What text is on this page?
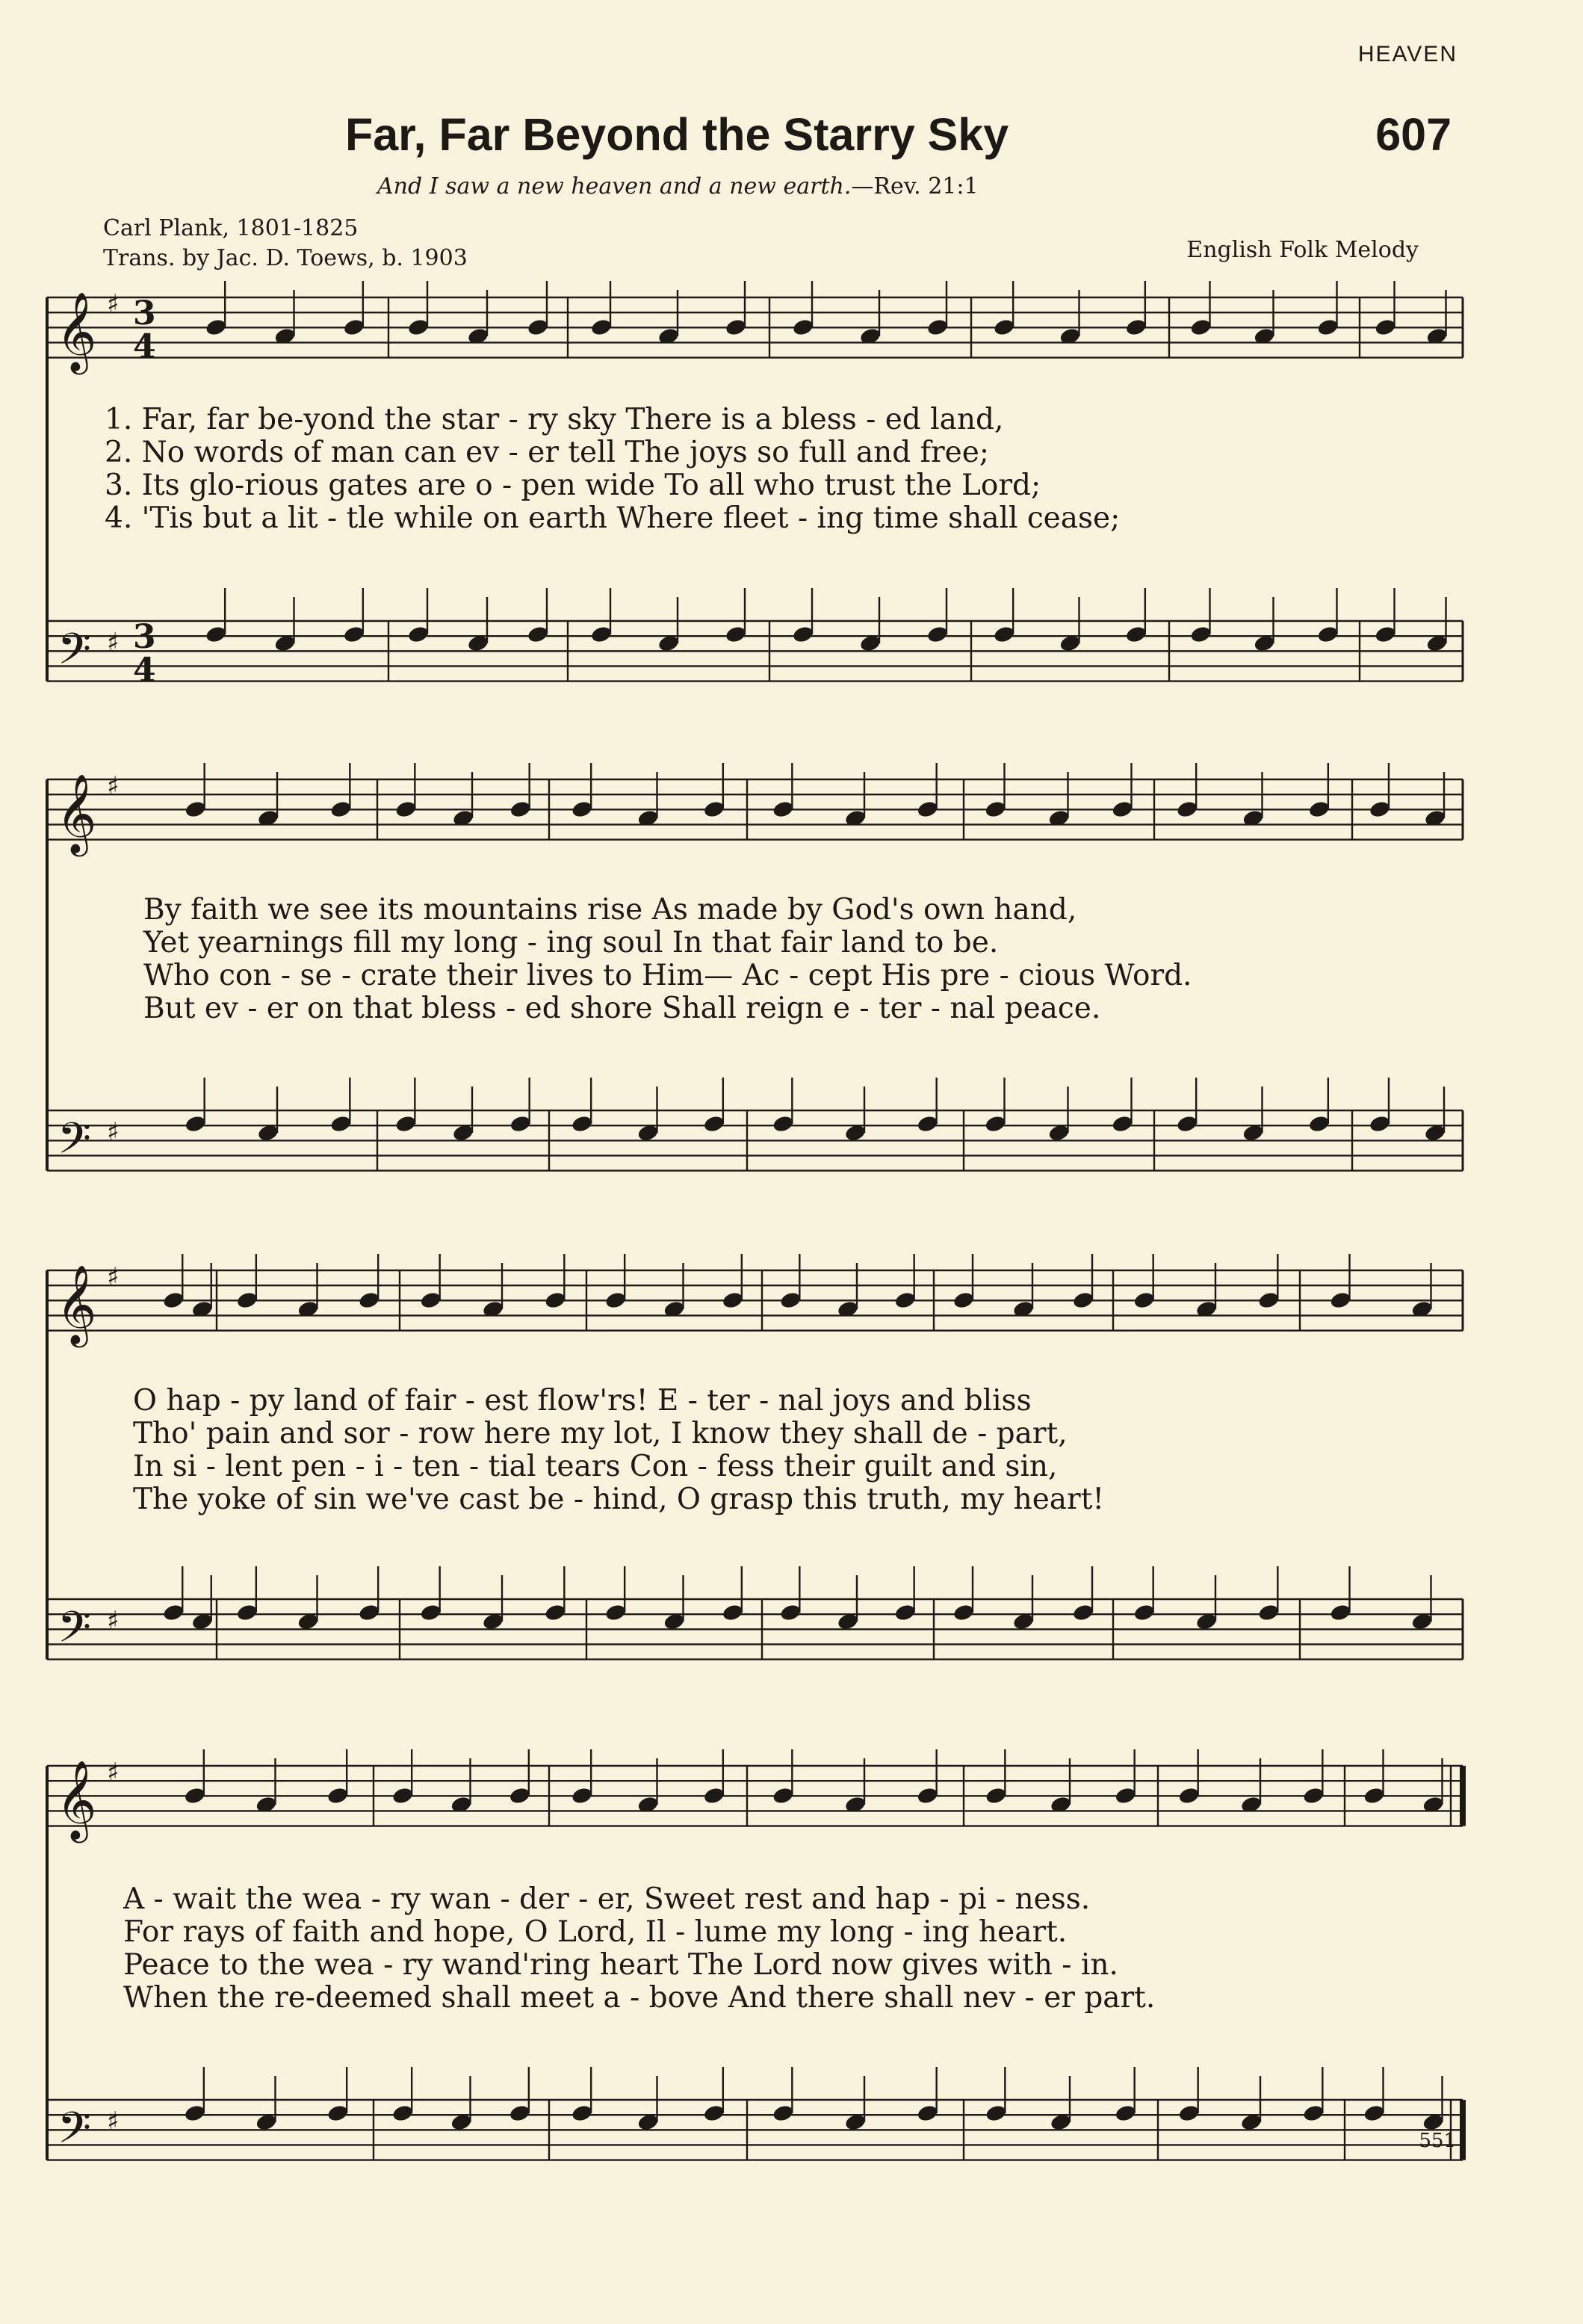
HEAVEN
Far, Far Beyond the Starry Sky	607
And I saw a new heaven and a new earth.—Rev. 21:1
Carl Plank, 1801-1825
Trans. by Jac. D. Toews, b. 1903	English Folk Melody
𝄞
𝄢
♯
♯
3
4
3
4
𝄞
𝄢
♯
♯
𝄞
𝄢
♯
♯
𝄞
𝄢
♯
♯
1. Far, far be-yond the star - ry sky There is a bless - ed land,
2. No words of man can ev - er tell The joys so full and free;
3. Its glo-rious gates are o - pen wide To all who trust the Lord;
4. 'Tis but a lit - tle while on earth Where fleet - ing time shall cease;
By faith we see its mountains rise As made by God's own hand,
Yet yearnings fill my long - ing soul In that fair land to be.
Who con - se - crate their lives to Him— Ac - cept His pre - cious Word.
But ev - er on that bless - ed shore Shall reign e - ter - nal peace.
O hap - py land of fair - est flow'rs! E - ter - nal joys and bliss
Tho' pain and sor - row here my lot, I know they shall de - part,
In si - lent pen - i - ten - tial tears Con - fess their guilt and sin,
The yoke of sin we've cast be - hind, O grasp this truth, my heart!
A - wait the wea - ry wan - der - er, Sweet rest and hap - pi - ness.
For rays of faith and hope, O Lord, Il - lume my long - ing heart.
Peace to the wea - ry wand'ring heart The Lord now gives with - in.
When the re-deemed shall meet a - bove And there shall nev - er part.
551
